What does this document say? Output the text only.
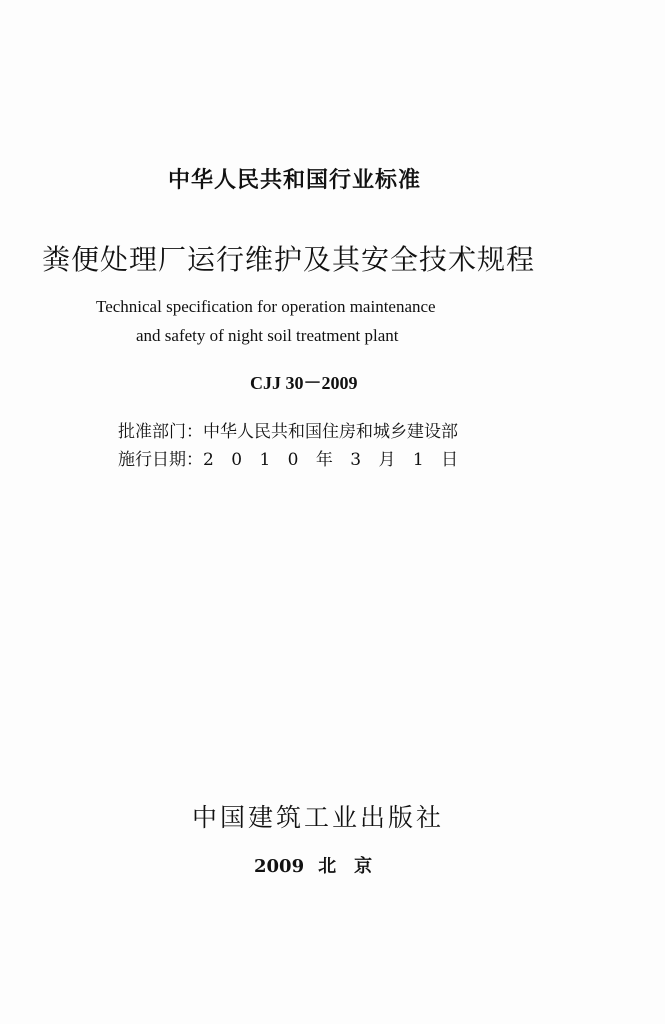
中华人民共和国行业标准
粪便处理厂运行维护及其安全技术规程
Technical specification for operation maintenance
and safety of night soil treatment plant
CJJ 30－2009
批准部门：中华人民共和国住房和城乡建设部
施行日期：2 0 1 0 年 3 月 1 日
中国建筑工业出版社
2009 北 京
